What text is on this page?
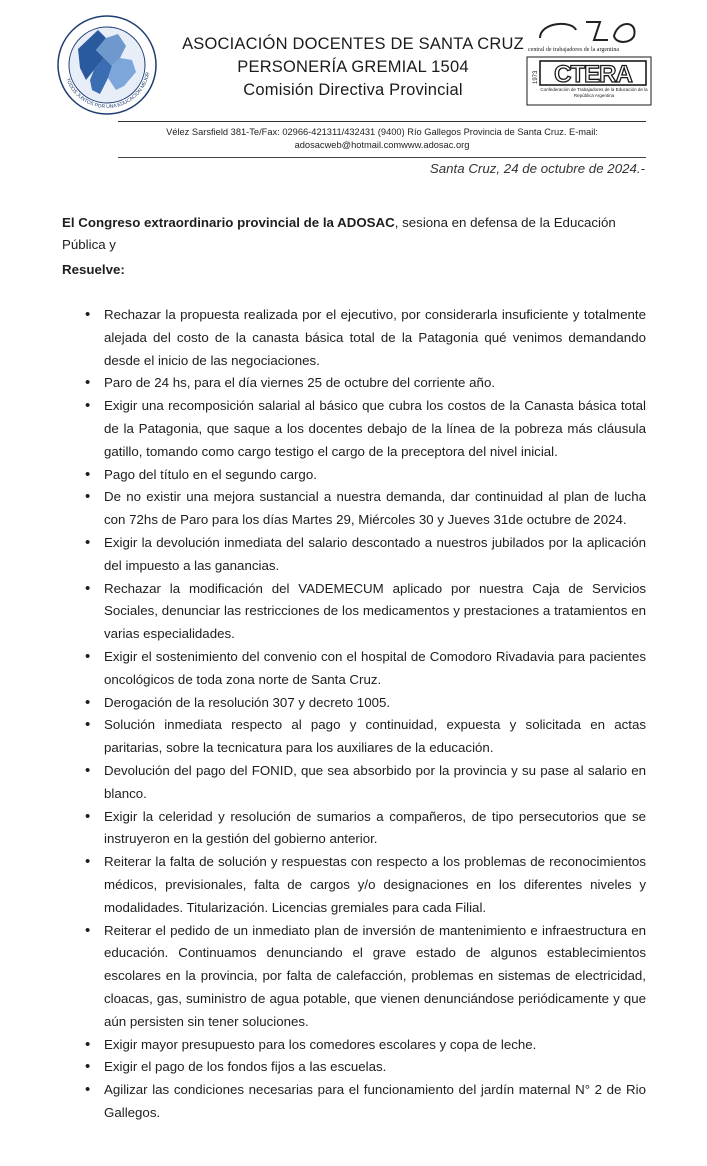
TODOS JUNTOS POR UNA EDUCACION MEJOR
ASOCIACIÓN DOCENTES DE SANTA CRUZ
PERSONERÍA GREMIAL 1504
Comisión Directiva Provincial
central de trabajadores de la argentina
1973 CTERA
Confederación de Trabajadores de la Educación de la República Argentina
Vélez Sarsfield 381-Te/Fax: 02966-421311/432431 (9400) Río Gallegos Provincia de Santa Cruz. E-mail:
adosacweb@hotmail.comwww.adosac.org
Santa Cruz, 24 de octubre de 2024.-
El Congreso extraordinario provincial de la ADOSAC, sesiona en defensa de la Educación Pública y
Resuelve:
• Rechazar la propuesta realizada por el ejecutivo, por considerarla insuficiente y totalmente alejada del costo de la canasta básica total de la Patagonia qué venimos demandando desde el inicio de las negociaciones.
• Paro de 24 hs, para el día viernes 25 de octubre del corriente año.
• Exigir una recomposición salarial al básico que cubra los costos de la Canasta básica total de la Patagonia, que saque a los docentes debajo de la línea de la pobreza más cláusula gatillo, tomando como cargo testigo el cargo de la preceptora del nivel inicial.
• Pago del título en el segundo cargo.
• De no existir una mejora sustancial a nuestra demanda, dar continuidad al plan de lucha con 72hs de Paro para los días Martes 29, Miércoles 30 y Jueves 31de octubre de 2024.
• Exigir la devolución inmediata del salario descontado a nuestros jubilados por la aplicación del impuesto a las ganancias.
• Rechazar la modificación del VADEMECUM aplicado por nuestra Caja de Servicios Sociales, denunciar las restricciones de los medicamentos y prestaciones a tratamientos en varias especialidades.
• Exigir el sostenimiento del convenio con el hospital de Comodoro Rivadavia para pacientes oncológicos de toda zona norte de Santa Cruz.
• Derogación de la resolución 307 y decreto 1005.
• Solución inmediata respecto al pago y continuidad, expuesta y solicitada en actas paritarias, sobre la tecnicatura para los auxiliares de la educación.
• Devolución del pago del FONID, que sea absorbido por la provincia y su pase al salario en blanco.
• Exigir la celeridad y resolución de sumarios a compañeros, de tipo persecutorios que se instruyeron en la gestión del gobierno anterior.
• Reiterar la falta de solución y respuestas con respecto a los problemas de reconocimientos médicos, previsionales, falta de cargos y/o designaciones en los diferentes niveles y modalidades. Titularización. Licencias gremiales para cada Filial.
• Reiterar el pedido de un inmediato plan de inversión de mantenimiento e infraestructura en educación. Continuamos denunciando el grave estado de algunos establecimientos escolares en la provincia, por falta de calefacción, problemas en sistemas de electricidad, cloacas, gas, suministro de agua potable, que vienen denunciándose periódicamente y que aún persisten sin tener soluciones.
• Exigir mayor presupuesto para los comedores escolares y copa de leche.
• Exigir el pago de los fondos fijos a las escuelas.
• Agilizar las condiciones necesarias para el funcionamiento del jardín maternal N° 2 de Rio Gallegos.
